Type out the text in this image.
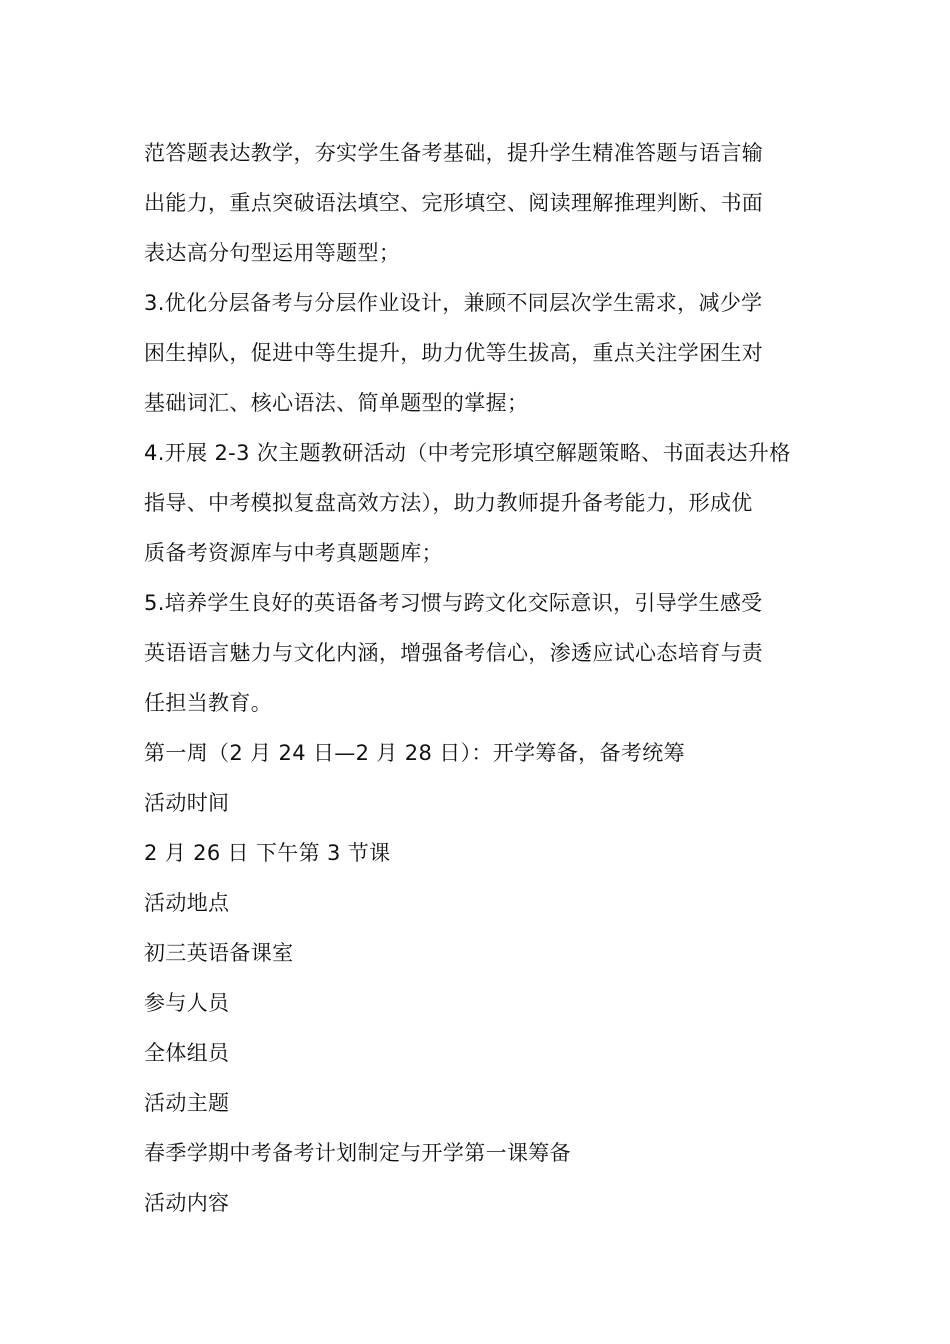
范答题表达教学，夯实学生备考基础，提升学生精准答题与语言输

出能力，重点突破语法填空、完形填空、阅读理解推理判断、书面

表达高分句型运用等题型；

3.优化分层备考与分层作业设计，兼顾不同层次学生需求，减少学

困生掉队，促进中等生提升，助力优等生拔高，重点关注学困生对

基础词汇、核心语法、简单题型的掌握；

4.开展 2-3 次主题教研活动（中考完形填空解题策略、书面表达升格

指导、中考模拟复盘高效方法），助力教师提升备考能力，形成优

质备考资源库与中考真题题库；

5.培养学生良好的英语备考习惯与跨文化交际意识，引导学生感受

英语语言魅力与文化内涵，增强备考信心，渗透应试心态培育与责

任担当教育。

第一周（2 月 24 日—2 月 28 日）：开学筹备，备考统筹

活动时间

2 月 26 日 下午第 3 节课

活动地点

初三英语备课室

参与人员

全体组员

活动主题

春季学期中考备考计划制定与开学第一课筹备

活动内容
